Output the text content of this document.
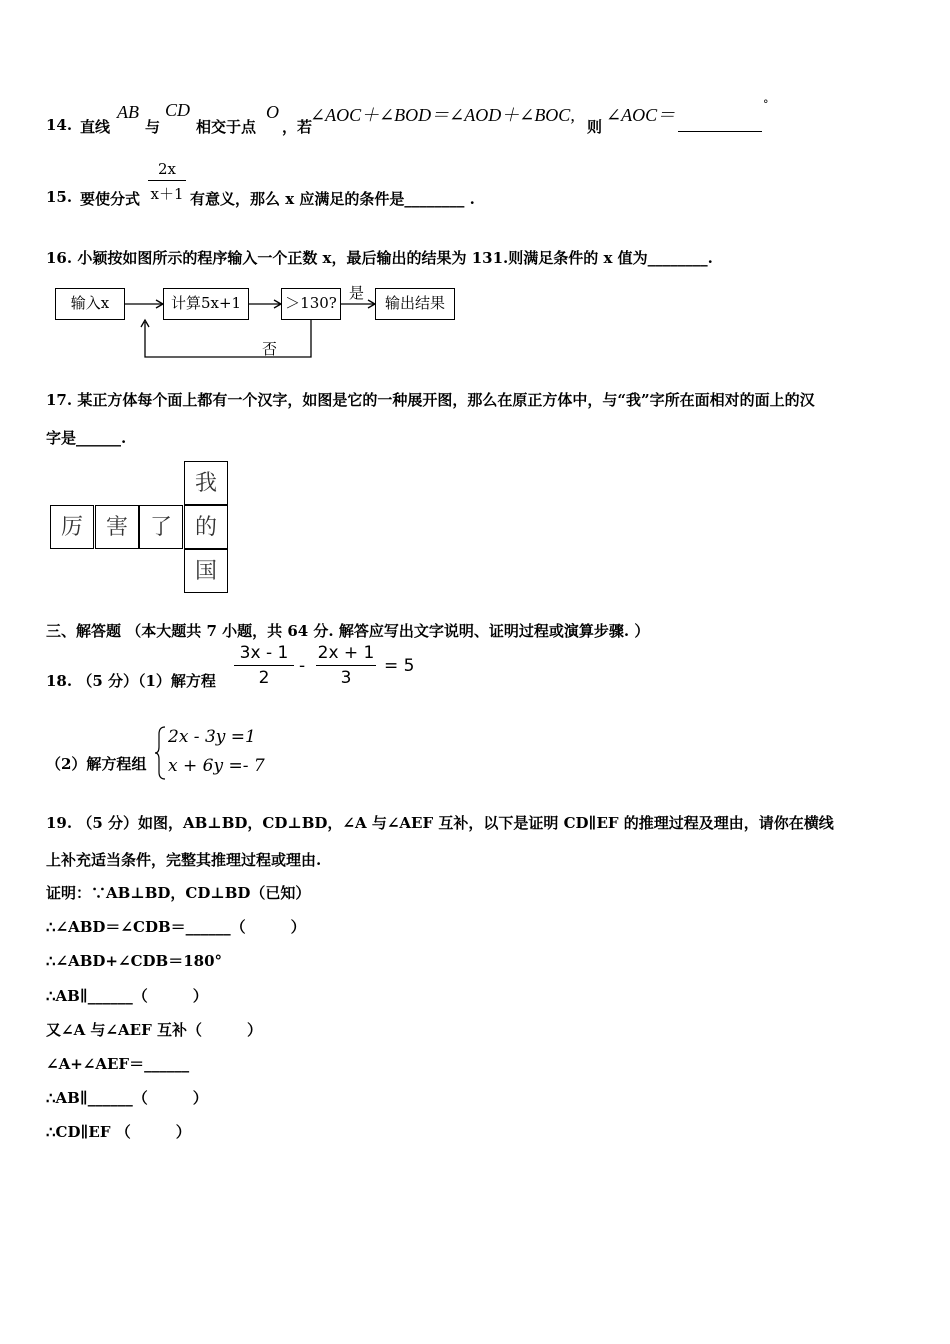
14. 直线
AB
与
CD
相交于点
O
，若
∠AOC＋∠BOD＝∠AOD＋∠BOC,
则
∠AOC＝
°
15. 要使分式
2x
x＋1 有意义，那么 x 应满足的条件是________ .
16. 小颖按如图所示的程序输入一个正数 x，最后输出的结果为 131.则满足条件的 x 值为________.
输入x	计算5x+1	＞130?	输出结果
是
否
17. 某正方体每个面上都有一个汉字，如图是它的一种展开图，那么在原正方体中，与“我”字所在面相对的面上的汉
字是______.
我
厉	害 了	的
国
三、解答题 （本大题共 7 小题，共 64 分. 解答应写出文字说明、证明过程或演算步骤. ）
18. （5 分）（1）解方程
3x - 1
2
-
2x + 1
3
= 5
（2）解方程组
2x - 3y =1
x + 6y =- 7
19. （5 分）如图，AB⊥BD，CD⊥BD，∠A 与∠AEF 互补，以下是证明 CD∥EF 的推理过程及理由，请你在横线
上补充适当条件，完整其推理过程或理由.
证明：∵AB⊥BD，CD⊥BD（已知）
∴∠ABD＝∠CDB＝______（　　　）
∴∠ABD+∠CDB＝180°
∴AB∥______（　　　）
又∠A 与∠AEF 互补（　　　）
∠A+∠AEF＝______
∴AB∥______（　　　）
∴CD∥EF （　　　）
